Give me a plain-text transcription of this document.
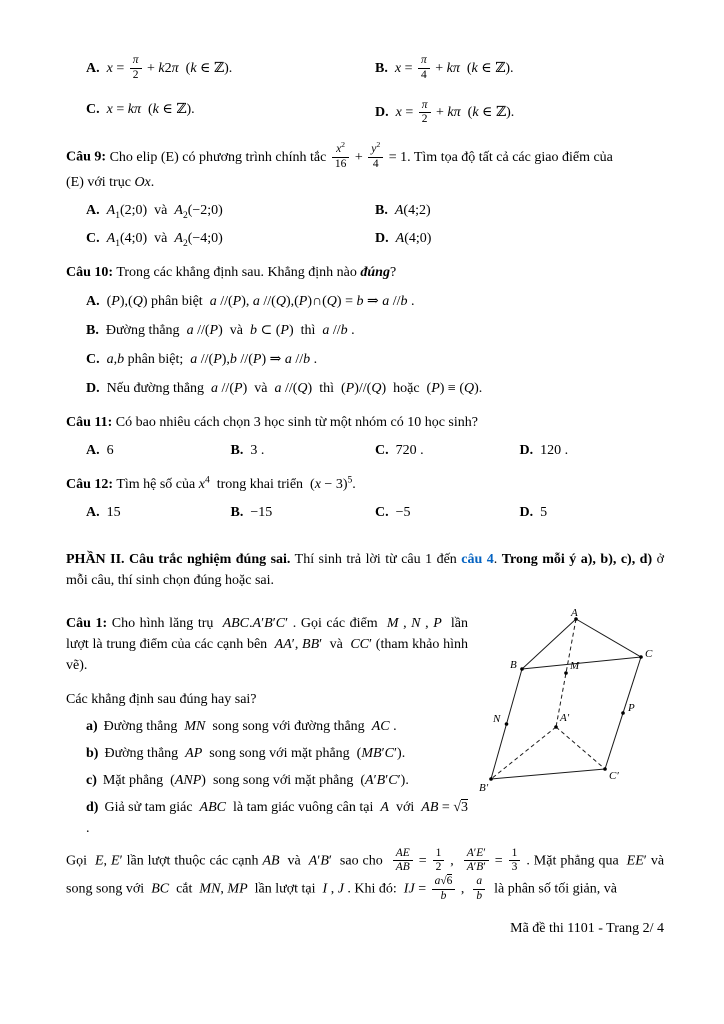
A. $x = \frac{\pi}{2} + k2\pi$  (k ∈ ℤ).	B. $x = \frac{\pi}{4} + k\pi$  (k ∈ ℤ).
C. x = kπ  (k ∈ ℤ).	D. $x = \frac{\pi}{2} + k\pi$  (k ∈ ℤ).

Câu 9: Cho elip (E) có phương trình chính tắc $\frac{x^2}{16} + \frac{y^2}{4} = 1$. Tìm tọa độ tất cả các giao điểm của

(E) với trục Ox.

A. $A_1(2;0)$  và  $A_2(-2;0)$	B. A(4;2)
C. $A_1(4;0)$  và  $A_2(-4;0)$	D. A(4;0)

Câu 10: Trong các khẳng định sau. Khẳng định nào đúng?

A. (P),(Q) phân biệt  a //(P), a //(Q),(P)∩(Q) = b ⇒ a //b .
B. Đường thẳng  a //(P)  và  b ⊂ (P)  thì  a //b .
C. a,b phân biệt;  a //(P),b //(P) ⇒ a //b .
D. Nếu đường thẳng  a //(P)  và  a //(Q)  thì  (P)//(Q)  hoặc  (P) ≡ (Q).

Câu 11: Có bao nhiêu cách chọn 3 học sinh từ một nhóm có 10 học sinh?

A. 6	B. 3 .	C. 720 .	D. 120 .

Câu 12: Tìm hệ số của $x^4$  trong khai triển  $(x - 3)^5$.

A. 15	B. −15	C. −5	D. 5

PHẦN II. Câu trắc nghiệm đúng sai. Thí sinh trả lời từ câu 1 đến câu 4. Trong mỗi ý a), b), c), d) ở mỗi câu, thí sinh chọn đúng hoặc sai.

A
B
C
M
N
P
A′
B′
C′

Câu 1: Cho hình lăng trụ  ABC.A′B′C′ . Gọi các điểm  M , N , P  lần lượt là trung điểm của các cạnh bên  AA′, BB′  và  CC′ (tham khảo hình vẽ).

Các khẳng định sau đúng hay sai?

a) Đường thẳng  MN  song song với đường thẳng  AC .
b) Đường thẳng  AP  song song với mặt phẳng  (MB′C′).
c) Mặt phẳng  (ANP)  song song với mặt phẳng  (A′B′C′).
d) Giả sử tam giác  ABC  là tam giác vuông cân tại  A  với  AB = √3 .

Gọi  E, E′ lần lượt thuộc các cạnh AB  và  A′B′  sao cho $\frac{AE}{AB} = \frac{1}{2}$ , $\frac{A'E'}{A'B'} = \frac{1}{3}$ . Mặt phẳng qua  EE′ và song song với  BC  cắt  MN, MP  lần lượt tại  I , J . Khi đó:  IJ = $\frac{a√6}{b}$ , $\frac{a}{b}$ là phân số tối giản, và

Mã đề thi 1101 - Trang 2/ 4
